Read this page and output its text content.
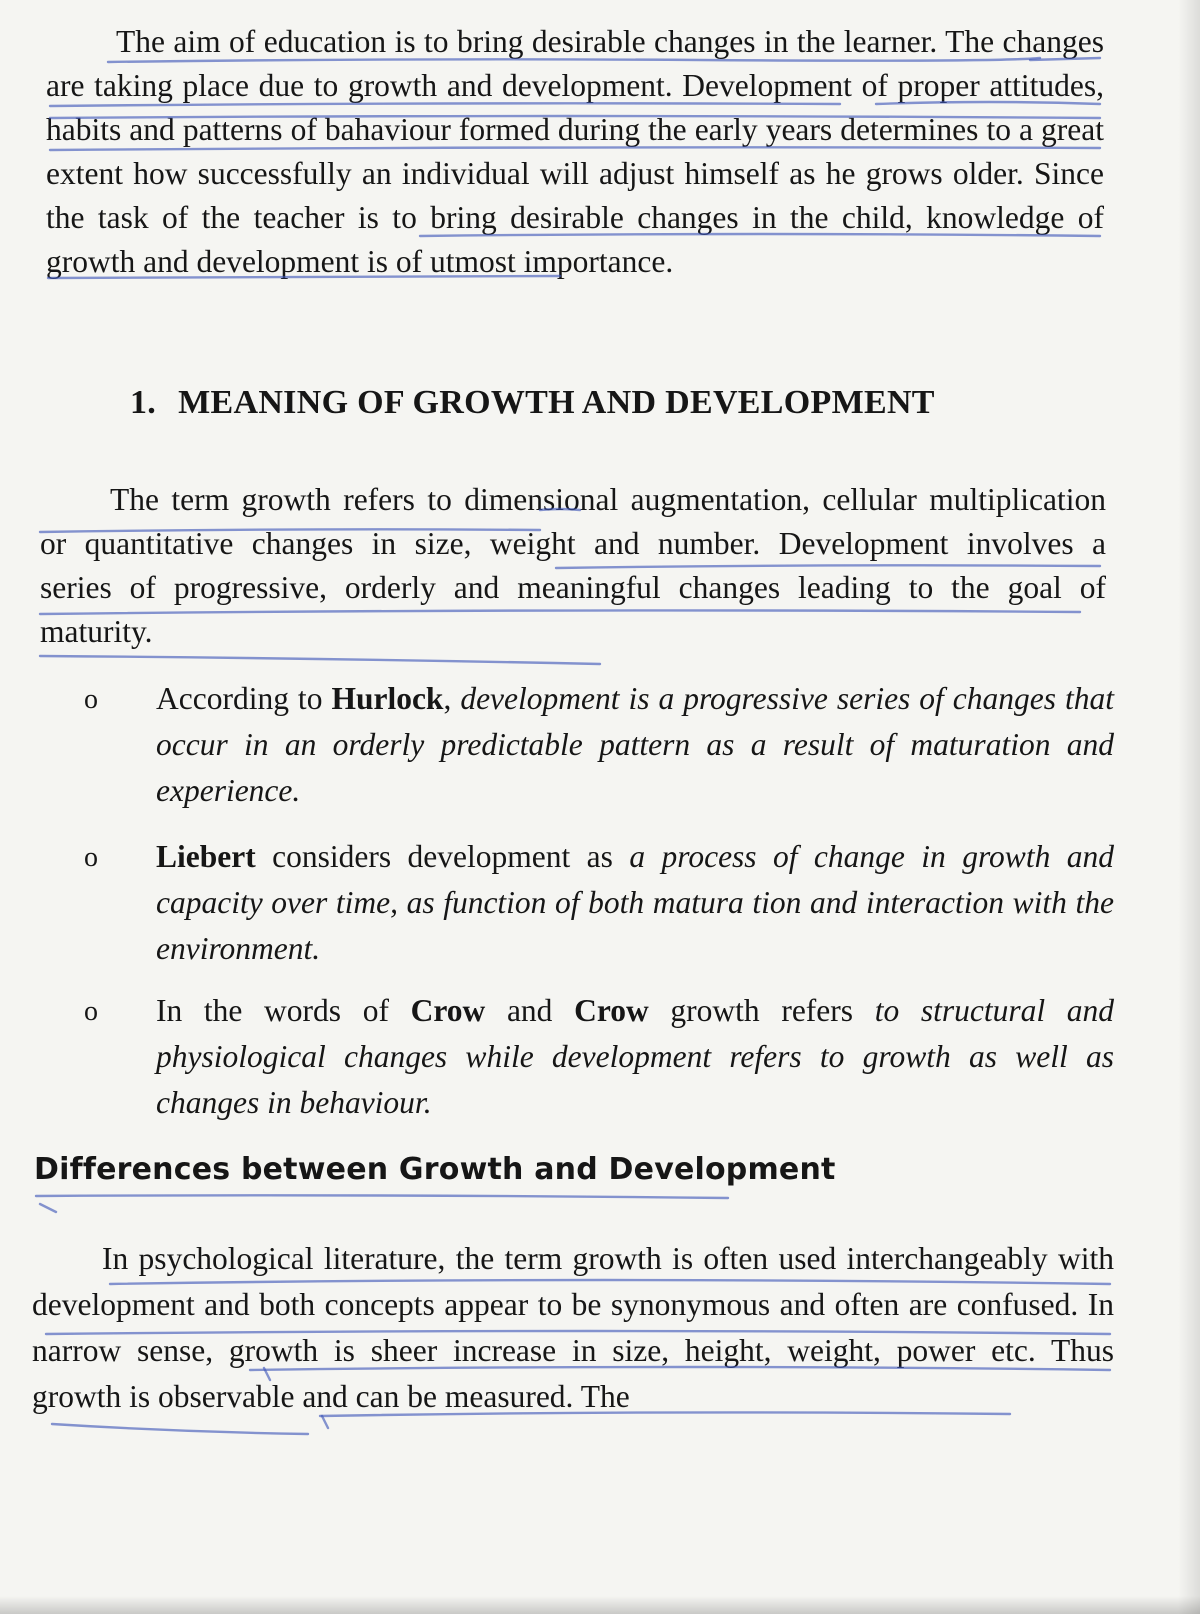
The aim of education is to bring desirable changes in the learner. The changes are taking place due to growth and development. Development of proper attitudes, habits and patterns of bahaviour formed during the early years determines to a great extent how successfully an individual will adjust himself as he grows older. Since the task of the teacher is to bring desirable changes in the child, knowledge of growth and development is of utmost importance.

1. MEANING OF GROWTH AND DEVELOPMENT

The term growth refers to dimensional augmentation, cellular multiplication or quantitative changes in size, weight and number. Development involves a series of progressive, orderly and meaningful changes leading to the goal of maturity.

o According to Hurlock, development is a progressive series of changes that occur in an orderly predictable pattern as a result of maturation and experience.
o Liebert considers development as a process of change in growth and capacity over time, as function of both matura tion and interaction with the environment.
o In the words of Crow and Crow growth refers to structural and physiological changes while development refers to growth as well as changes in behaviour.
Differences between Growth and Development

In psychological literature, the term growth is often used interchangeably with development and both concepts appear to be synonymous and often are confused. In narrow sense, growth is sheer increase in size, height, weight, power etc. Thus growth is observable and can be measured. The
